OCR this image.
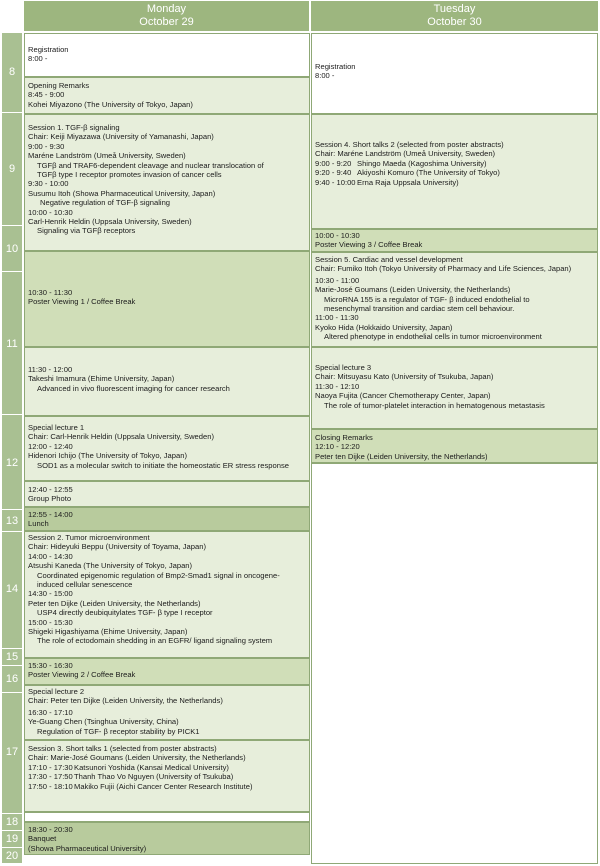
Monday
October 29
Tuesday
October 30
8
9
10
11
12
13
14
15
16
17
18
19
20
Registration
8:00 -
Opening Remarks
8:45 - 9:00
Kohei Miyazono (The University of Tokyo, Japan)
Session 1. TGF-β signaling
Chair: Keiji Miyazawa (University of Yamanashi, Japan)
9:00 - 9:30
Maréne Landström (Umeå University, Sweden)
TGFβ and TRAF6-dependent cleavage and nuclear translocation of
TGFβ type I receptor promotes invasion of cancer cells
9:30 - 10:00
Susumu Itoh (Showa Pharmaceutical University, Japan)
Negative regulation of TGF-β signaling
10:00 - 10:30
Carl-Henrik Heldin (Uppsala University, Sweden)
Signaling via TGFβ receptors
10:30 - 11:30
Poster Viewing 1 / Coffee Break
11:30 - 12:00
Takeshi Imamura (Ehime University, Japan)
Advanced in vivo fluorescent imaging for cancer research
Special lecture 1
Chair: Carl-Henrik Heldin (Uppsala University, Sweden)
12:00 - 12:40
Hidenori Ichijo (The University of Tokyo, Japan)
SOD1 as a molecular switch to initiate the homeostatic ER stress response
12:40 - 12:55
Group Photo
12:55 - 14:00
Lunch
Session 2. Tumor microenvironment
Chair: Hideyuki Beppu (University of Toyama, Japan)
14:00 - 14:30
Atsushi Kaneda (The University of Tokyo, Japan)
Coordinated epigenomic regulation of Bmp2-Smad1 signal in oncogene-
induced cellular senescence
14:30 - 15:00
Peter ten Dijke (Leiden University, the Netherlands)
USP4 directly deubiquitylates TGF- β type I receptor
15:00 - 15:30
Shigeki Higashiyama (Ehime University, Japan)
The role of ectodomain shedding in an EGFR/ ligand signaling system
15:30 - 16:30
Poster Viewing 2 / Coffee Break
Special lecture 2
Chair: Peter ten Dijke (Leiden University, the Netherlands)
16:30 - 17:10
Ye-Guang Chen (Tsinghua University, China)
Regulation of TGF- β receptor stability by PICK1
Session 3. Short talks 1 (selected from poster abstracts)
Chair: Marie-José Goumans (Leiden University, the Netherlands)
17:10 - 17:30 Katsunori Yoshida (Kansai Medical University)
17:30 - 17:50 Thanh Thao Vo Nguyen (University of Tsukuba)
17:50 - 18:10 Makiko Fujii (Aichi Cancer Center Research Institute)
18:30 - 20:30
Banquet
(Showa Pharmaceutical University)
Registration
8:00 -
Session 4. Short talks 2 (selected from poster abstracts)
Chair: Maréne Landström (Umeå University, Sweden)
9:00 - 9:20 Shingo Maeda (Kagoshima University)
9:20 - 9:40 Akiyoshi Komuro (The University of Tokyo)
9:40 - 10:00 Erna Raja Uppsala University)
10:00 - 10:30
Poster Viewing 3 / Coffee Break
Session 5. Cardiac and vessel development
Chair: Fumiko Itoh (Tokyo University of Pharmacy and Life Sciences, Japan)
10:30 - 11:00
Marie-José Goumans (Leiden University, the Netherlands)
MicroRNA 155 is a regulator of TGF- β induced endothelial to
mesenchymal transition and cardiac stem cell behaviour.
11:00 - 11:30
Kyoko Hida (Hokkaido University, Japan)
Altered phenotype in endothelial cells in tumor microenvironment
Special lecture 3
Chair: Mitsuyasu Kato (University of Tsukuba, Japan)
11:30 - 12:10
Naoya Fujita (Cancer Chemotherapy Center, Japan)
The role of tumor-platelet interaction in hematogenous metastasis
Closing Remarks
12:10 - 12:20
Peter ten Dijke (Leiden University, the Netherlands)
